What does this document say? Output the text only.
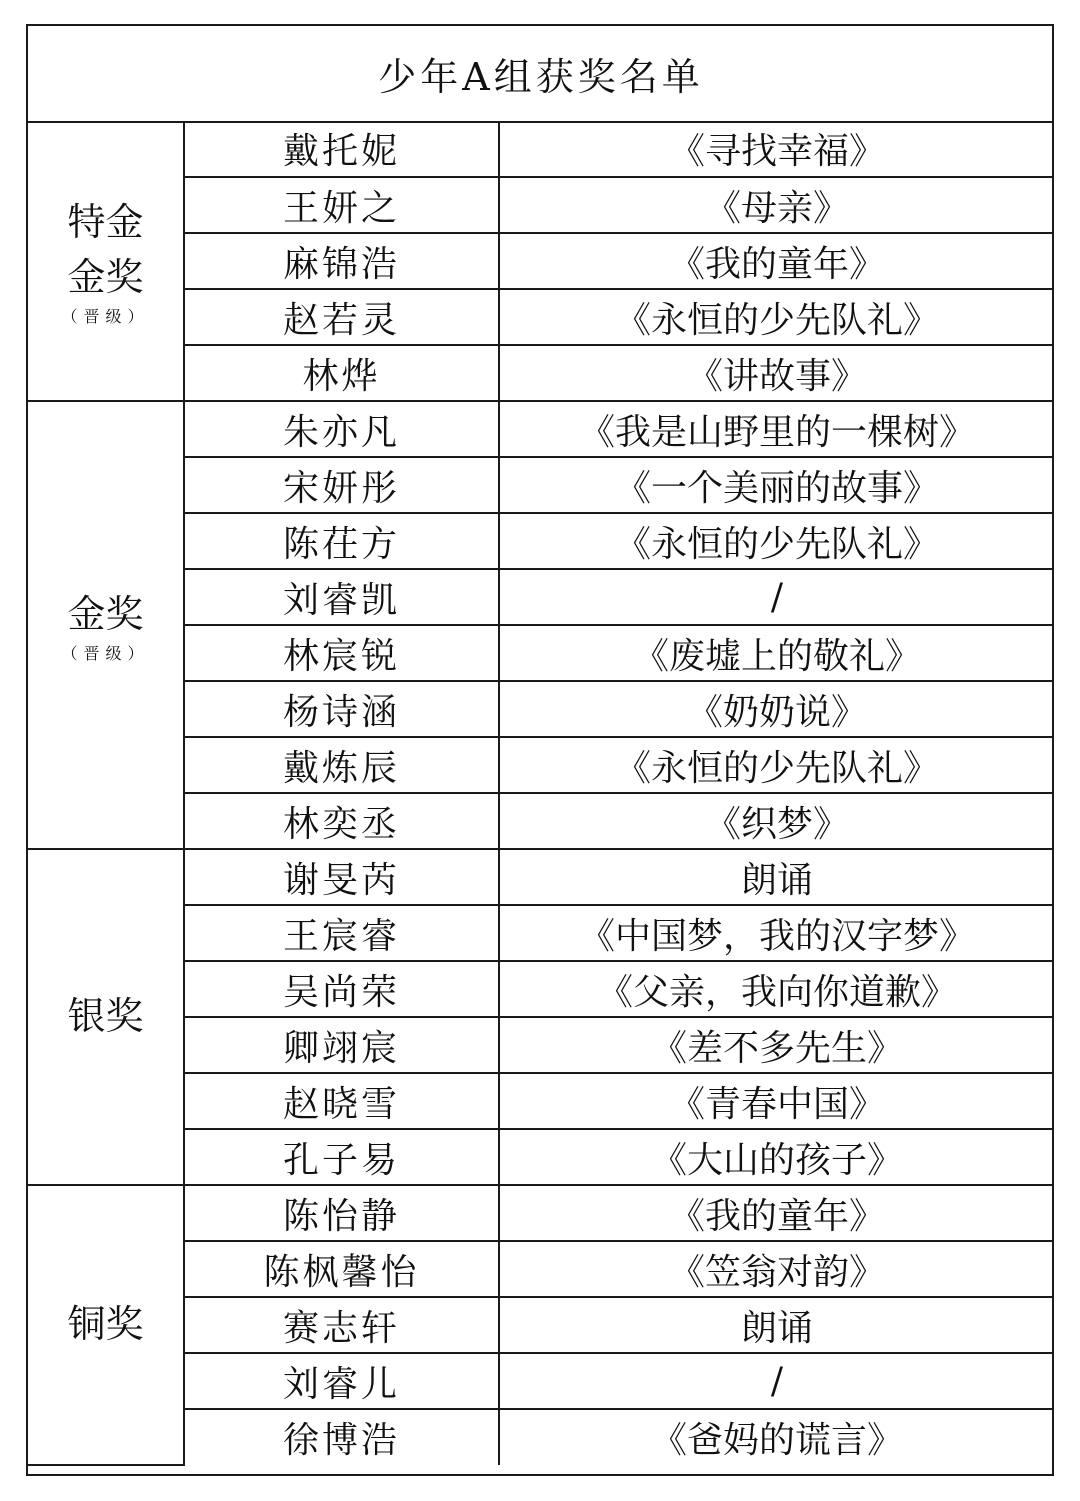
少年A组获奖名单
特金
金奖
（晋级）	戴托妮	《寻找幸福》
	王妍之	《母亲》
	麻锦浩	《我的童年》
	赵若灵	《永恒的少先队礼》
	林烨	《讲故事》

金奖
（晋级）	朱亦凡	《我是山野里的一棵树》
	宋妍彤	《一个美丽的故事》
	陈茌方	《永恒的少先队礼》
	刘睿凯	/
	林宸锐	《废墟上的敬礼》
	杨诗涵	《奶奶说》
	戴炼辰	《永恒的少先队礼》
	林奕丞	《织梦》

银奖	谢旻芮	朗诵
	王宸睿	《中国梦，我的汉字梦》
	吴尚荣	《父亲，我向你道歉》
	卿翊宸	《差不多先生》
	赵晓雪	《青春中国》
	孔子易	《大山的孩子》

铜奖	陈怡静	《我的童年》
	陈枫馨怡	《笠翁对韵》
	赛志轩	朗诵
	刘睿儿	/
	徐博浩	《爸妈的谎言》
